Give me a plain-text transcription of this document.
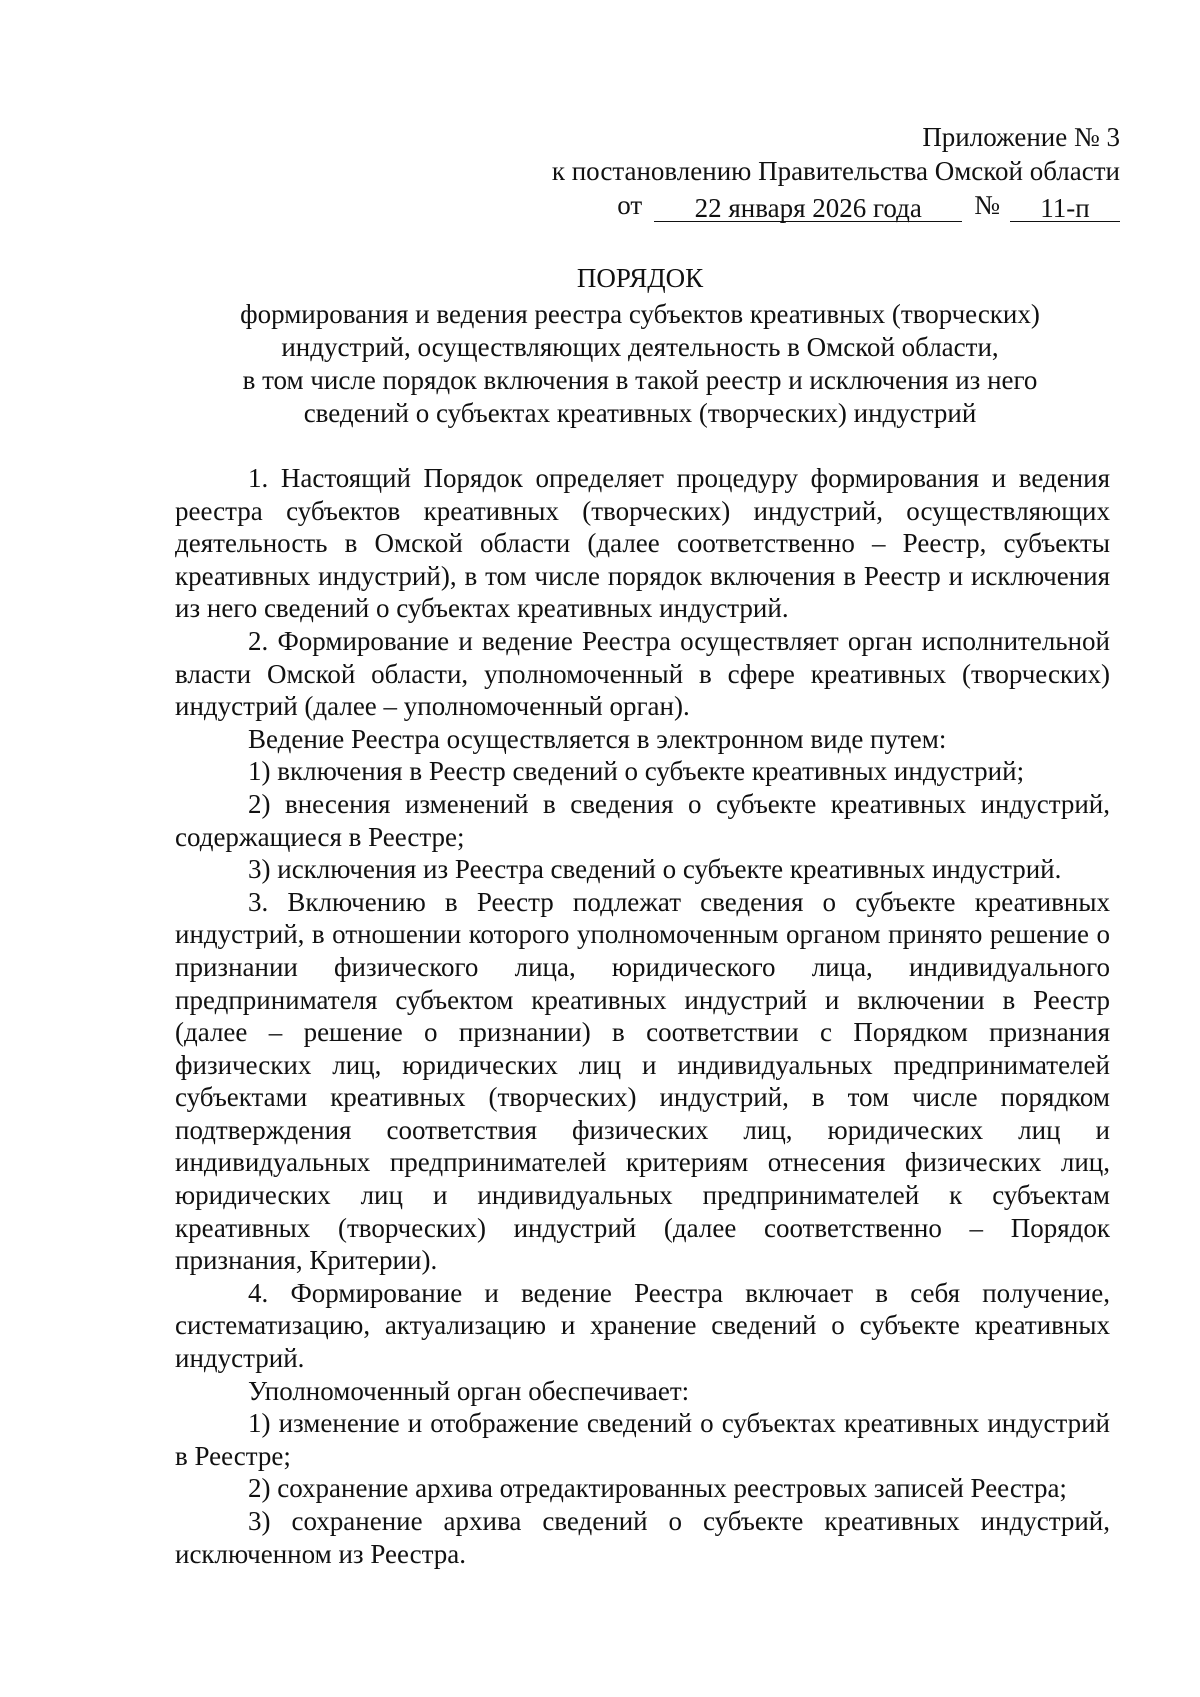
Приложение № 3
к постановлению Правительства Омской области
от	22 января 2026 года	№	11-п
ПОРЯДОК
формирования и ведения реестра субъектов креативных (творческих)
индустрий, осуществляющих деятельность в Омской области,
в том числе порядок включения в такой реестр и исключения из него
сведений о субъектах креативных (творческих) индустрий

1. Настоящий Порядок определяет процедуру формирования и ведения реестра субъектов креативных (творческих) индустрий, осуществляющих деятельность в Омской области (далее соответственно – Реестр, субъекты креативных индустрий), в том числе порядок включения в Реестр и исключения из него сведений о субъектах креативных индустрий.

2. Формирование и ведение Реестра осуществляет орган исполнительной власти Омской области, уполномоченный в сфере креативных (творческих) индустрий (далее – уполномоченный орган).

Ведение Реестра осуществляется в электронном виде путем:

1) включения в Реестр сведений о субъекте креативных индустрий;

2) внесения изменений в сведения о субъекте креативных индустрий, содержащиеся в Реестре;

3) исключения из Реестра сведений о субъекте креативных индустрий.

3. Включению в Реестр подлежат сведения о субъекте креативных индустрий, в отношении которого уполномоченным органом принято решение о признании физического лица, юридического лица, индивидуального предпринимателя субъектом креативных индустрий и включении в Реестр (далее – решение о признании) в соответствии с Порядком признания физических лиц, юридических лиц и индивидуальных предпринимателей субъектами креативных (творческих) индустрий, в том числе порядком подтверждения соответствия физических лиц, юридических лиц и индивидуальных предпринимателей критериям отнесения физических лиц, юридических лиц и индивидуальных предпринимателей к субъектам креативных (творческих) индустрий (далее соответственно – Порядок признания, Критерии).

4. Формирование и ведение Реестра включает в себя получение, систематизацию, актуализацию и хранение сведений о субъекте креативных индустрий.

Уполномоченный орган обеспечивает:

1) изменение и отображение сведений о субъектах креативных индустрий в Реестре;

2) сохранение архива отредактированных реестровых записей Реестра;

3) сохранение архива сведений о субъекте креативных индустрий, исключенном из Реестра.
